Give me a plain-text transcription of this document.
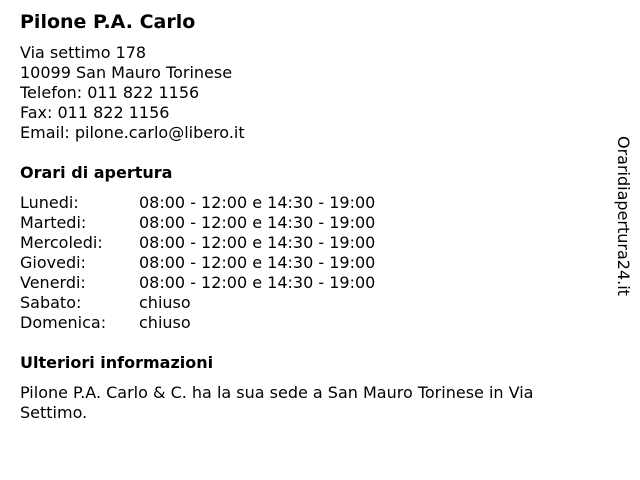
Pilone P.A. Carlo
Via settimo 178
10099 San Mauro Torinese
Telefon: 011 822 1156
Fax: 011 822 1156
Email: pilone.carlo@libero.it
Orari di apertura
Lunedi:	08:00 - 12:00 e 14:30 - 19:00
Martedi:	08:00 - 12:00 e 14:30 - 19:00
Mercoledi:	08:00 - 12:00 e 14:30 - 19:00
Giovedi:	08:00 - 12:00 e 14:30 - 19:00
Venerdi:	08:00 - 12:00 e 14:30 - 19:00
Sabato:	chiuso
Domenica:	chiuso
Ulteriori informazioni
Pilone P.A. Carlo & C. ha la sua sede a San Mauro Torinese in Via Settimo.
Oraridiapertura24.it
